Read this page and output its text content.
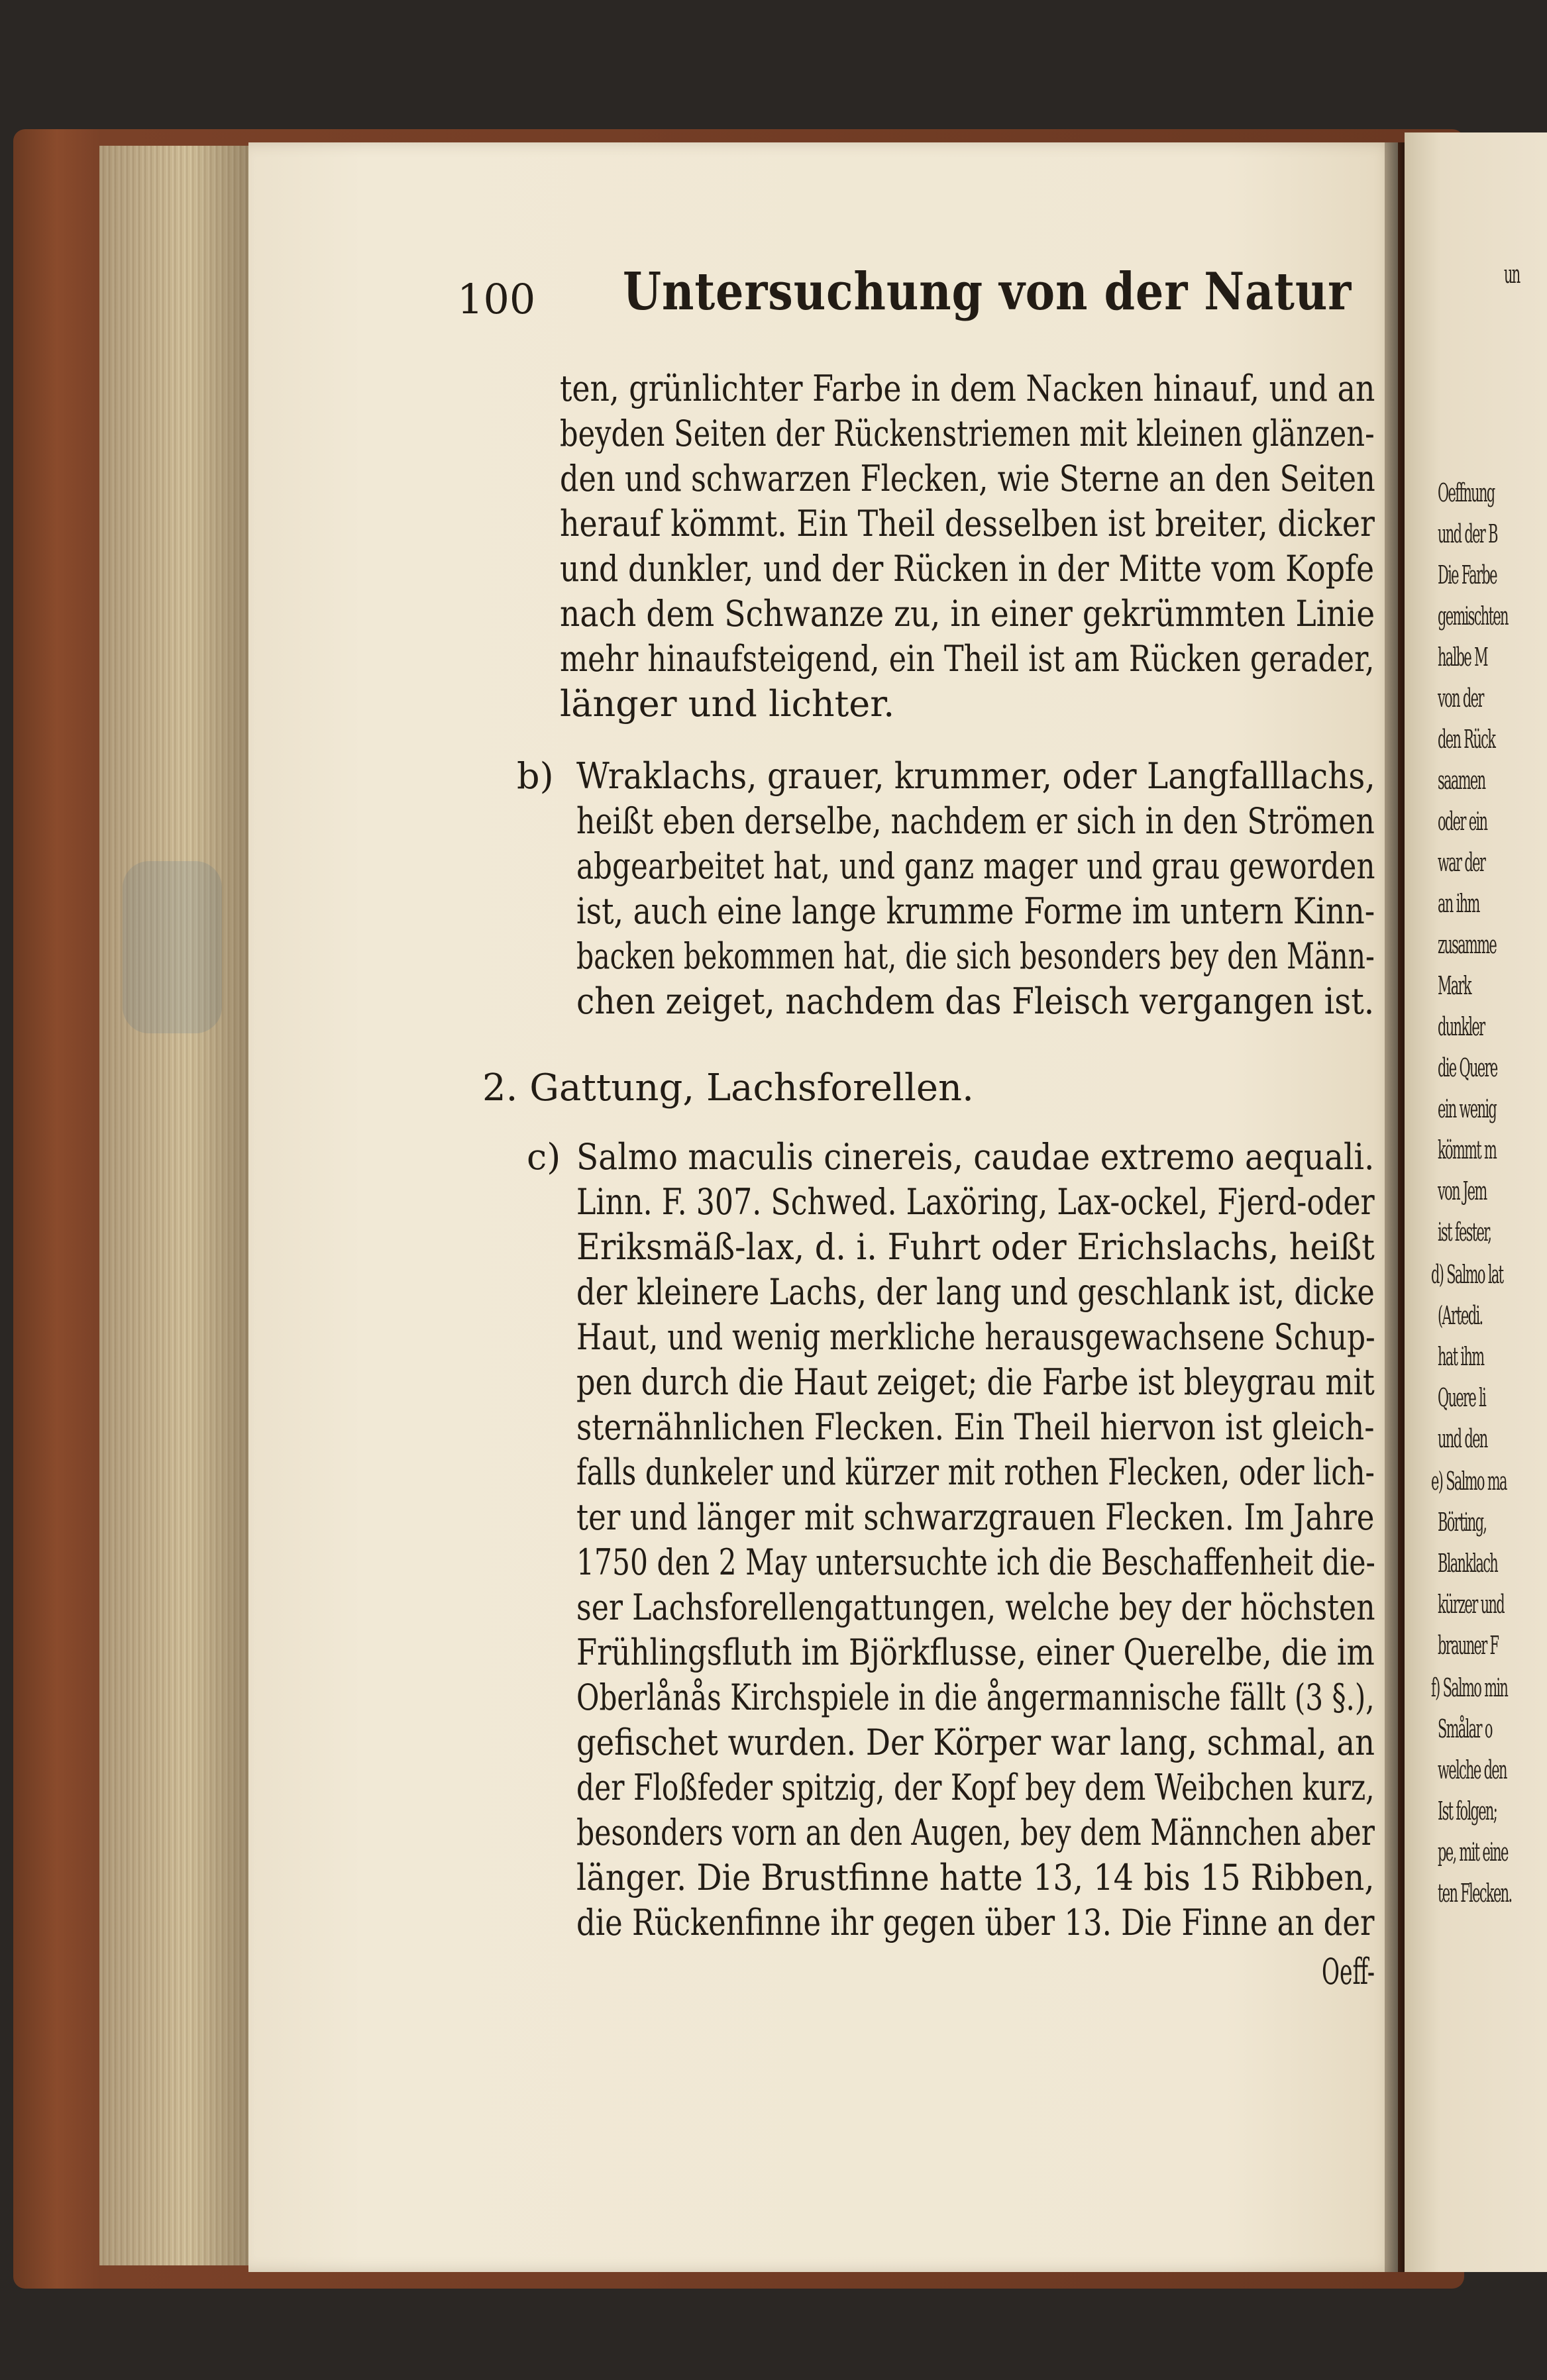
un
Oeffnung
und der B
Die Farbe
gemischten
halbe M
von der
den Rück
saamen
oder ein
war der
an ihm
zusamme
Mark
dunkler
die Quere
ein wenig
kömmt m
von Jem
ist fester,
d) Salmo lat
(Artedi.
hat ihm
Quere li
und den
e) Salmo ma
Börting,
Blanklach
kürzer und
brauner F
f) Salmo min
Smålar o
welche den
Ist folgen;
pe, mit eine
ten Flecken.
100 Untersuchung von der Natur
ten, grünlichter Farbe in dem Nacken hinauf, und an
beyden Seiten der Rückenstriemen mit kleinen glänzen-
den und schwarzen Flecken, wie Sterne an den Seiten
herauf kömmt. Ein Theil desselben ist breiter, dicker
und dunkler, und der Rücken in der Mitte vom Kopfe
nach dem Schwanze zu, in einer gekrümmten Linie
mehr hinaufsteigend, ein Theil ist am Rücken gerader,
länger und lichter.
b) Wraklachs, grauer, krummer, oder Langfalllachs,
heißt eben derselbe, nachdem er sich in den Strömen
abgearbeitet hat, und ganz mager und grau geworden
ist, auch eine lange krumme Forme im untern Kinn-
backen bekommen hat, die sich besonders bey den Männ-
chen zeiget, nachdem das Fleisch vergangen ist.
2. Gattung, Lachsforellen.
c) Salmo maculis cinereis, caudae extremo aequali.
Linn. F. 307. Schwed. Laxöring, Lax-ockel, Fjerd-oder
Eriksmäß-lax, d. i. Fuhrt oder Erichslachs, heißt
der kleinere Lachs, der lang und geschlank ist, dicke
Haut, und wenig merkliche herausgewachsene Schup-
pen durch die Haut zeiget; die Farbe ist bleygrau mit
sternähnlichen Flecken. Ein Theil hiervon ist gleich-
falls dunkeler und kürzer mit rothen Flecken, oder lich-
ter und länger mit schwarzgrauen Flecken. Im Jahre
1750 den 2 May untersuchte ich die Beschaffenheit die-
ser Lachsforellengattungen, welche bey der höchsten
Frühlingsfluth im Björkflusse, einer Querelbe, die im
Oberlånås Kirchspiele in die ångermannische fällt (3 §.),
gefischet wurden. Der Körper war lang, schmal, an
der Floßfeder spitzig, der Kopf bey dem Weibchen kurz,
besonders vorn an den Augen, bey dem Männchen aber
länger. Die Brustfinne hatte 13, 14 bis 15 Ribben,
die Rückenfinne ihr gegen über 13. Die Finne an der
Oeff-
